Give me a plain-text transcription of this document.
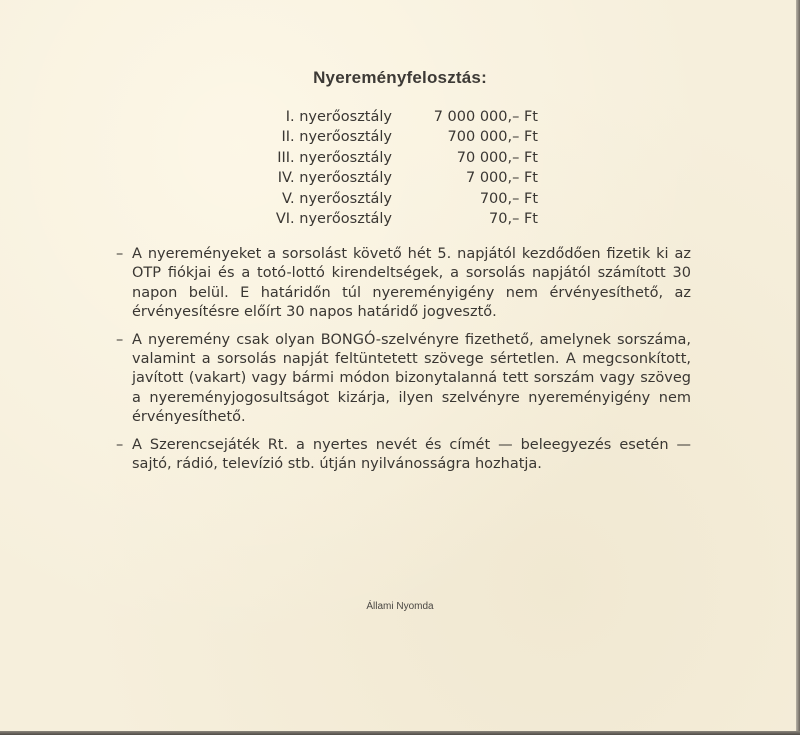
Nyereményfelosztás:
I. nyerőosztály	7 000 000,– Ft
II. nyerőosztály	700 000,– Ft
III. nyerőosztály	70 000,– Ft
IV. nyerőosztály	7 000,– Ft
V. nyerőosztály	700,– Ft
VI. nyerőosztály	70,– Ft
– A nyereményeket a sorsolást követő hét 5. napjától kezdődően fizetik ki az OTP fiókjai és a totó-lottó kirendeltségek, a sorsolás napjától számított 30 napon belül. E határidőn túl nyereményigény nem érvényesíthető, az érvényesítésre előírt 30 napos határidő jogvesztő.
– A nyeremény csak olyan BONGÓ-szelvényre fizethető, amelynek sorszáma, valamint a sorsolás napját feltüntetett szövege sértetlen. A megcsonkított, javított (vakart) vagy bármi módon bizonytalanná tett sorszám vagy szöveg a nyereményjogosultságot kizárja, ilyen szelvényre nyereményigény nem érvényesíthető.
– A Szerencsejáték Rt. a nyertes nevét és címét — beleegyezés esetén — sajtó, rádió, televízió stb. útján nyilvánosságra hozhatja.
Állami Nyomda
